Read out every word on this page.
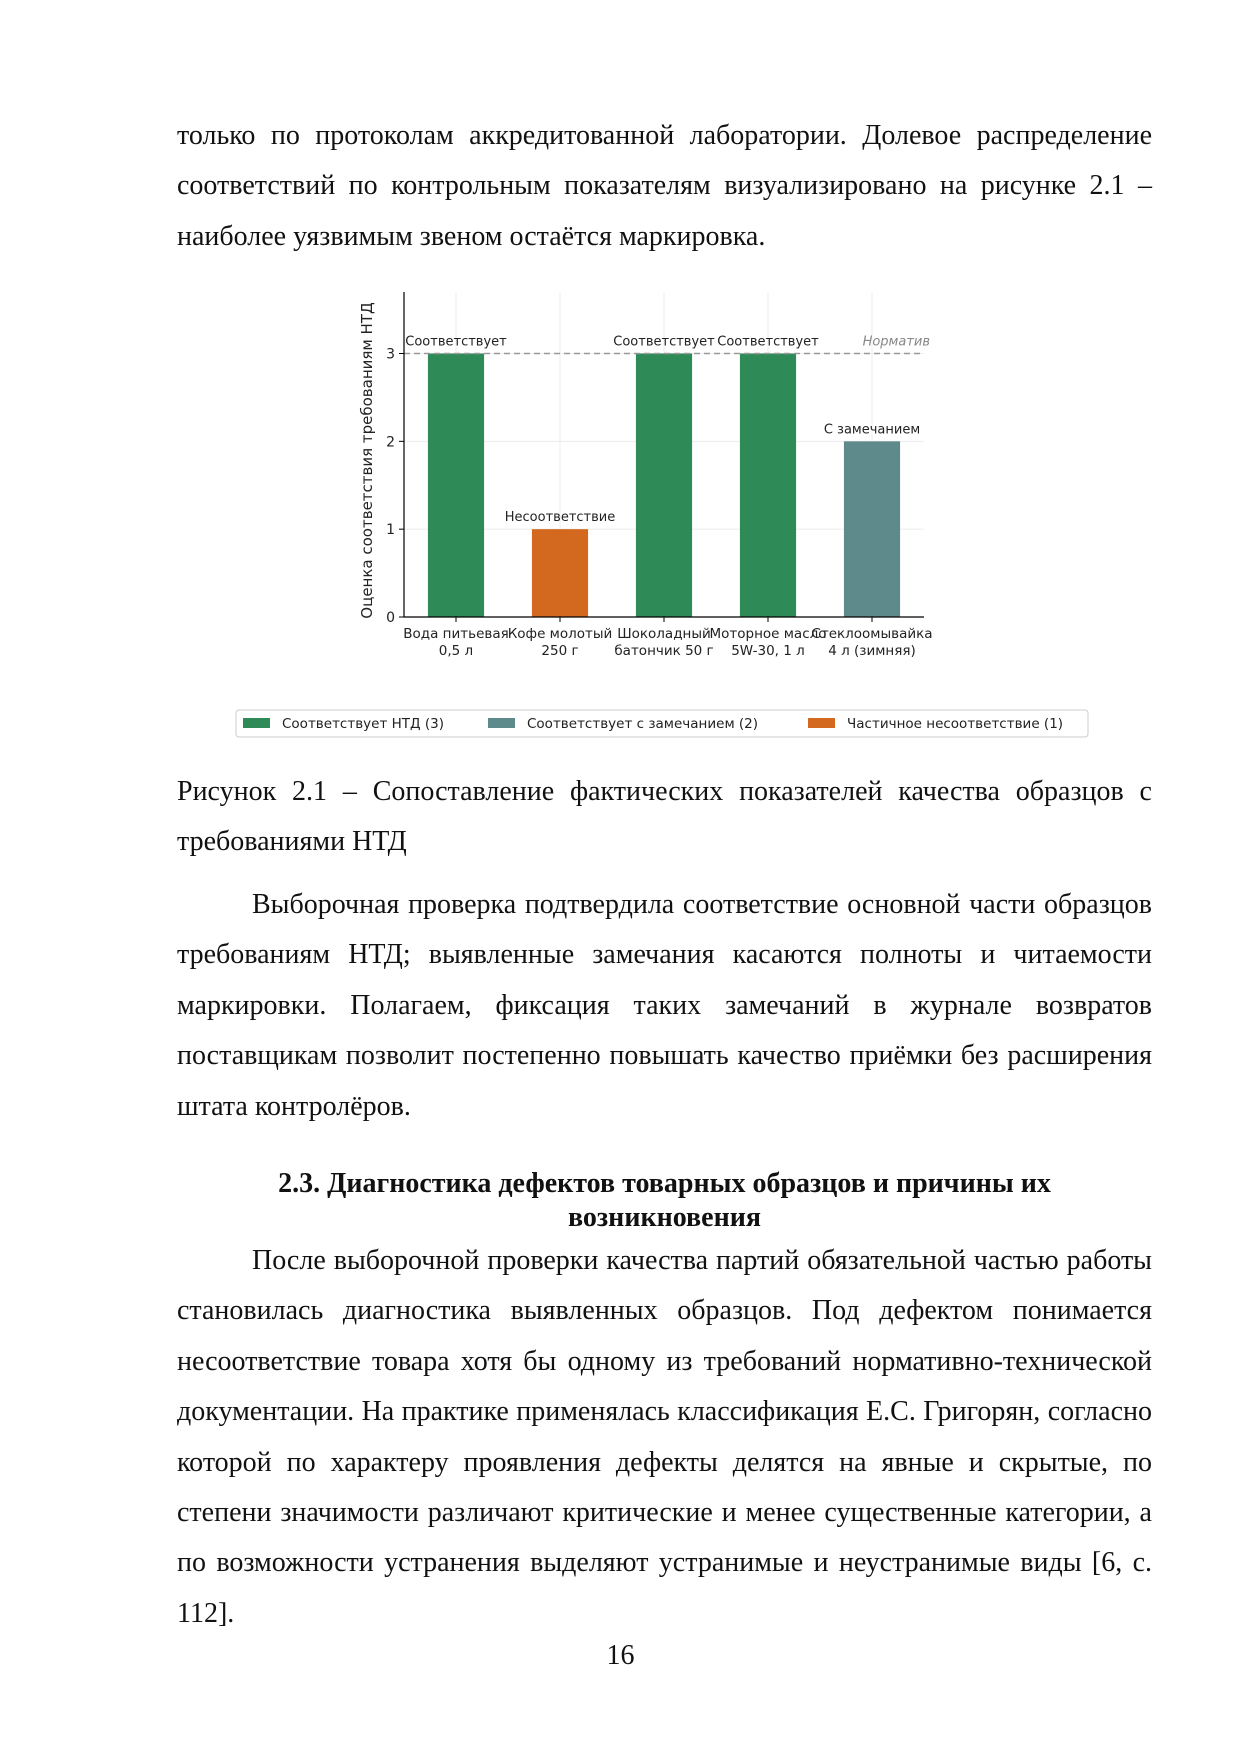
только по протоколам аккредитованной лаборатории. Долевое распределение соответствий по контрольным показателям визуализировано на рисунке 2.1 – наиболее уязвимым звеном остаётся маркировка.

Норматив
Соответствует
Несоответствие
Соответствует Соответствует
С замечанием
0
1
2
3
Вода питьевая
0,5 л
Кофе молотый
250 г
Шоколадный
батончик 50 г
Моторное масло
5W-30, 1 л
Стеклоомывайка
4 л (зимняя)
Оценка соответствия требованиям НТД
Соответствует НТД (3)	Соответствует с замечанием (2)	Частичное несоответствие (1)

Рисунок 2.1 – Сопоставление фактических показателей качества образцов с требованиями НТД

Выборочная проверка подтвердила соответствие основной части образцов требованиям НТД; выявленные замечания касаются полноты и читаемости маркировки. Полагаем, фиксация таких замечаний в журнале возвратов поставщикам позволит постепенно повышать качество приёмки без расширения штата контролёров.

2.3. Диагностика дефектов товарных образцов и причины их
возникновения

После выборочной проверки качества партий обязательной частью работы становилась диагностика выявленных образцов. Под дефектом понимается несоответствие товара хотя бы одному из требований нормативно-технической документации. На практике применялась классификация Е.С. Григорян, согласно которой по характеру проявления дефекты делятся на явные и скрытые, по степени значимости различают критические и менее существенные категории, а по возможности устранения выделяют устранимые и неустранимые виды [6, с. 112].

16
